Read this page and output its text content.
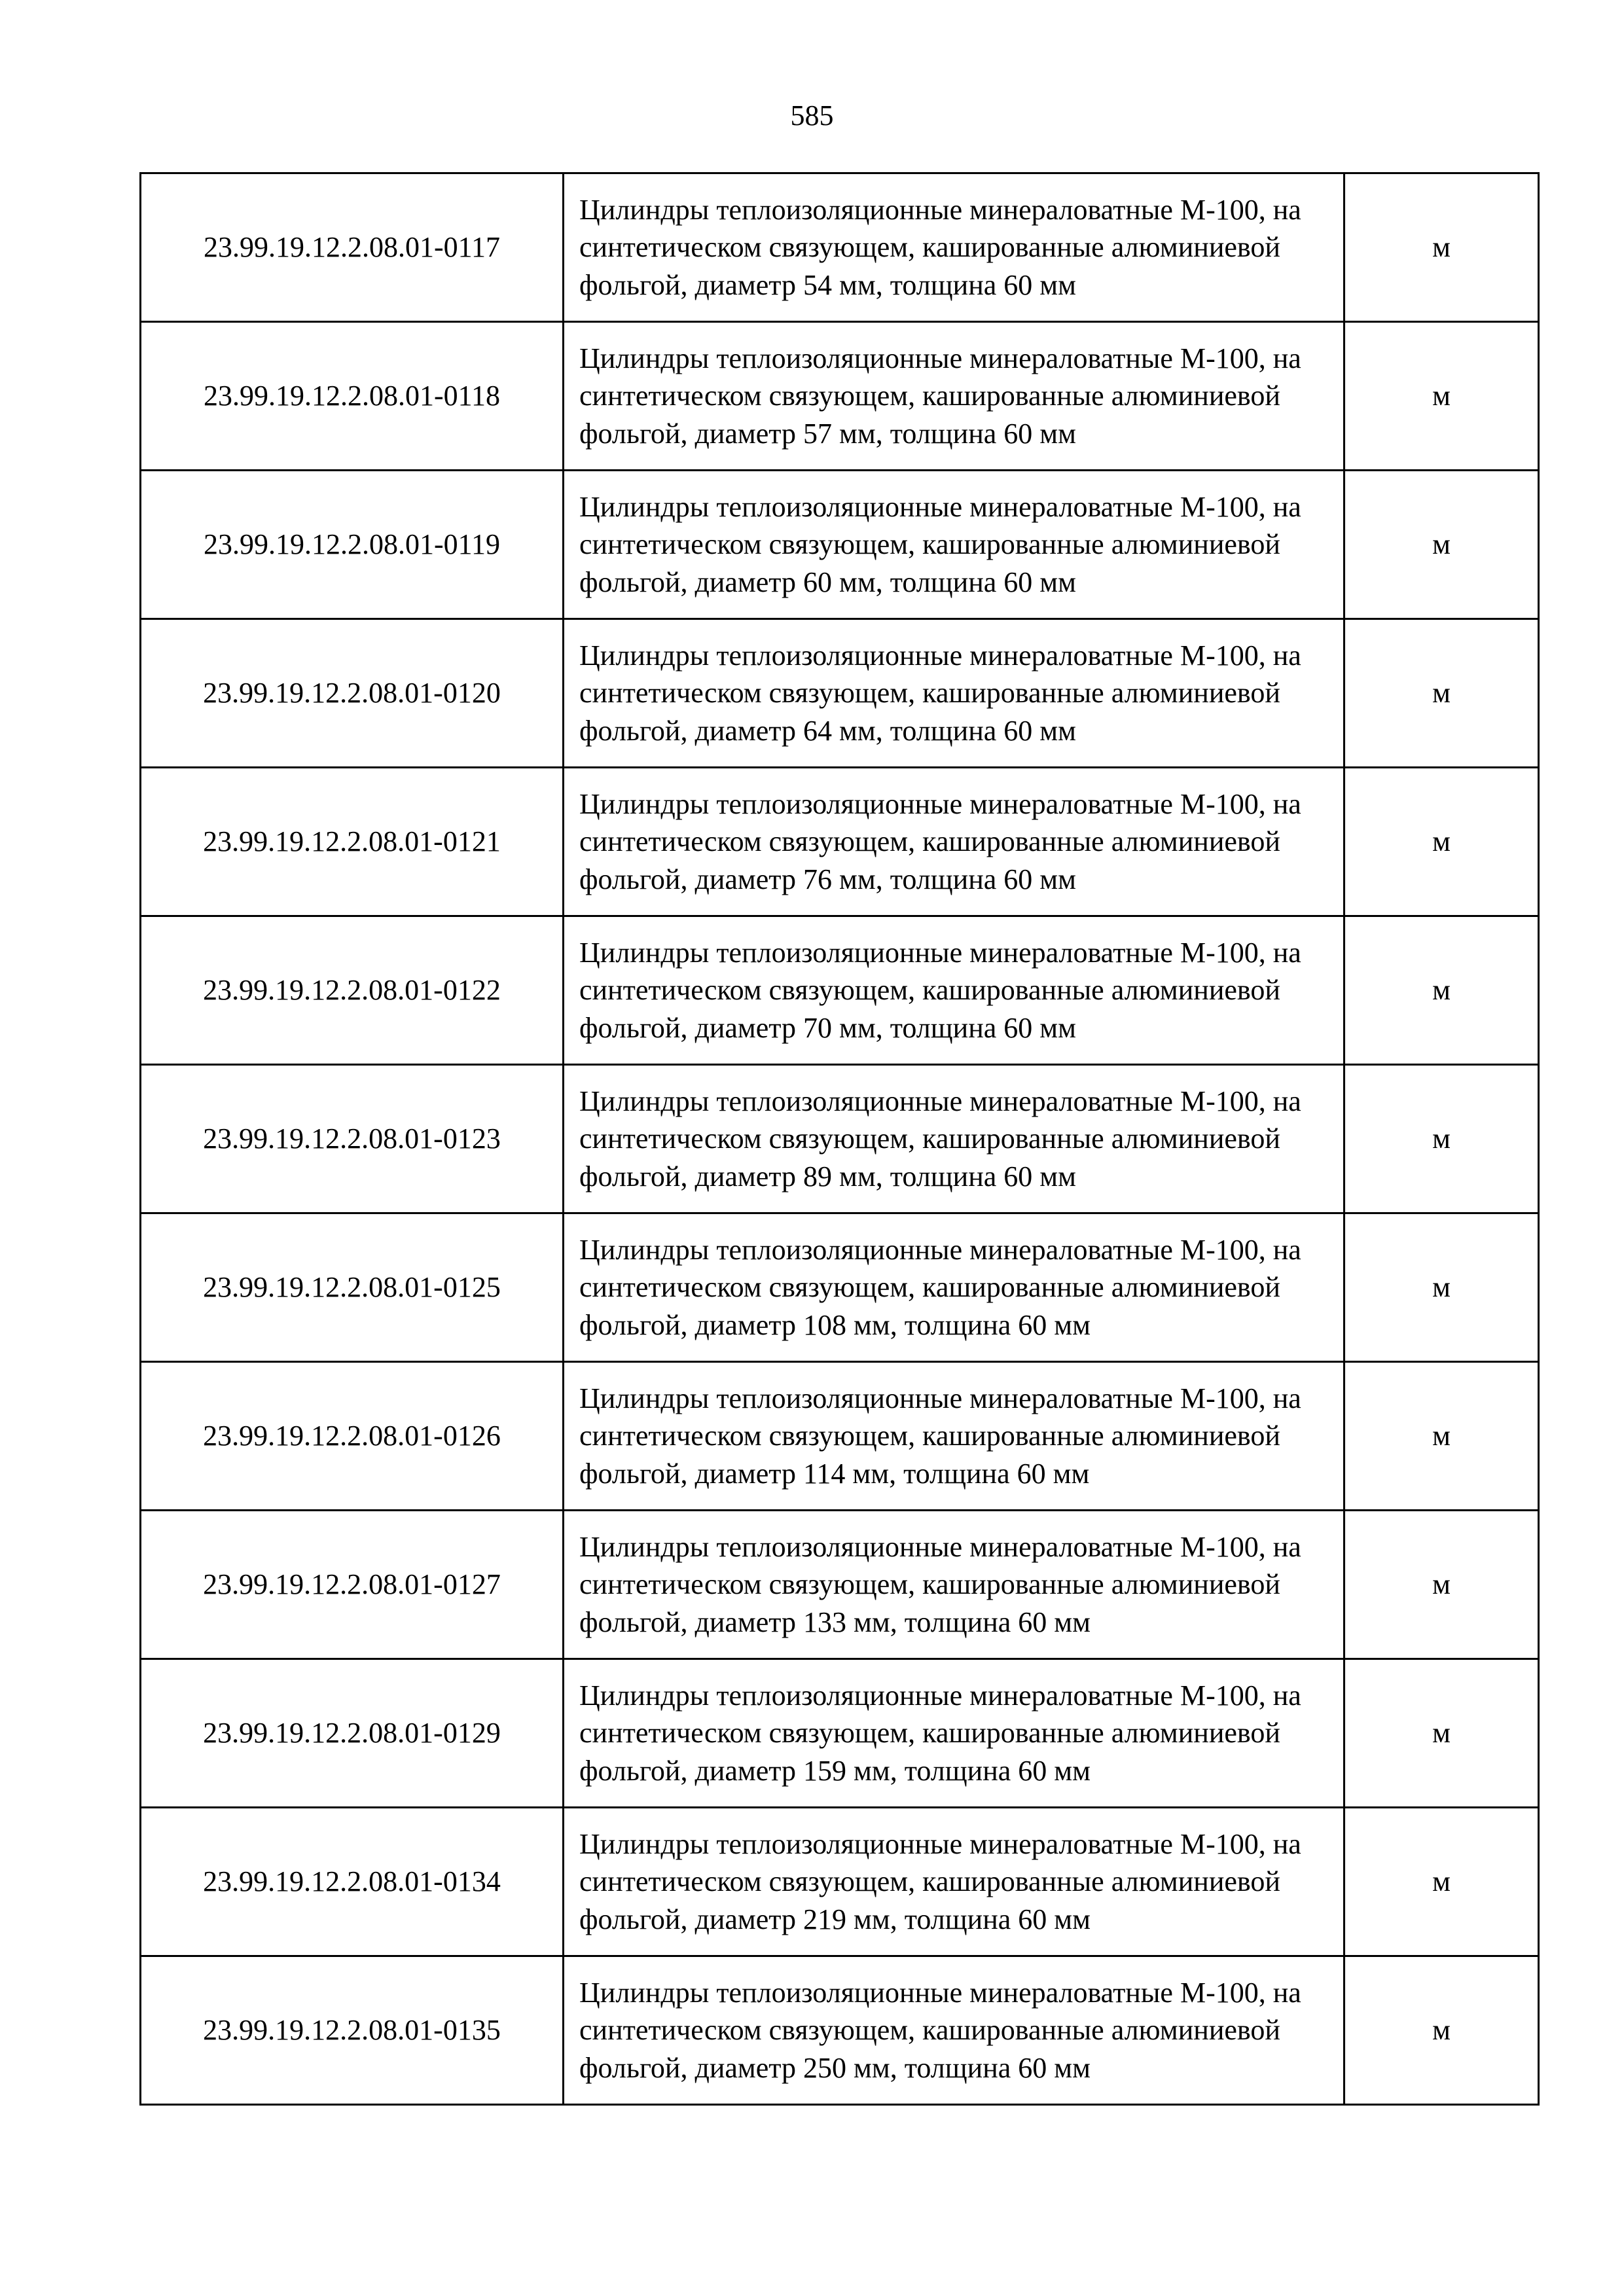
585
23.99.19.12.2.08.01-0117	Цилиндры теплоизоляционные минераловатные М-100, на синтетическом связующем, кашированные алюминиевой фольгой, диаметр 54 мм, толщина 60 мм	м
23.99.19.12.2.08.01-0118	Цилиндры теплоизоляционные минераловатные М-100, на синтетическом связующем, кашированные алюминиевой фольгой, диаметр 57 мм, толщина 60 мм	м
23.99.19.12.2.08.01-0119	Цилиндры теплоизоляционные минераловатные М-100, на синтетическом связующем, кашированные алюминиевой фольгой, диаметр 60 мм, толщина 60 мм	м
23.99.19.12.2.08.01-0120	Цилиндры теплоизоляционные минераловатные М-100, на синтетическом связующем, кашированные алюминиевой фольгой, диаметр 64 мм, толщина 60 мм	м
23.99.19.12.2.08.01-0121	Цилиндры теплоизоляционные минераловатные М-100, на синтетическом связующем, кашированные алюминиевой фольгой, диаметр 76 мм, толщина 60 мм	м
23.99.19.12.2.08.01-0122	Цилиндры теплоизоляционные минераловатные М-100, на синтетическом связующем, кашированные алюминиевой фольгой, диаметр 70 мм, толщина 60 мм	м
23.99.19.12.2.08.01-0123	Цилиндры теплоизоляционные минераловатные М-100, на синтетическом связующем, кашированные алюминиевой фольгой, диаметр 89 мм, толщина 60 мм	м
23.99.19.12.2.08.01-0125	Цилиндры теплоизоляционные минераловатные М-100, на синтетическом связующем, кашированные алюминиевой фольгой, диаметр 108 мм, толщина 60 мм	м
23.99.19.12.2.08.01-0126	Цилиндры теплоизоляционные минераловатные М-100, на синтетическом связующем, кашированные алюминиевой фольгой, диаметр 114 мм, толщина 60 мм	м
23.99.19.12.2.08.01-0127	Цилиндры теплоизоляционные минераловатные М-100, на синтетическом связующем, кашированные алюминиевой фольгой, диаметр 133 мм, толщина 60 мм	м
23.99.19.12.2.08.01-0129	Цилиндры теплоизоляционные минераловатные М-100, на синтетическом связующем, кашированные алюминиевой фольгой, диаметр 159 мм, толщина 60 мм	м
23.99.19.12.2.08.01-0134	Цилиндры теплоизоляционные минераловатные М-100, на синтетическом связующем, кашированные алюминиевой фольгой, диаметр 219 мм, толщина 60 мм	м
23.99.19.12.2.08.01-0135	Цилиндры теплоизоляционные минераловатные М-100, на синтетическом связующем, кашированные алюминиевой фольгой, диаметр 250 мм, толщина 60 мм	м
